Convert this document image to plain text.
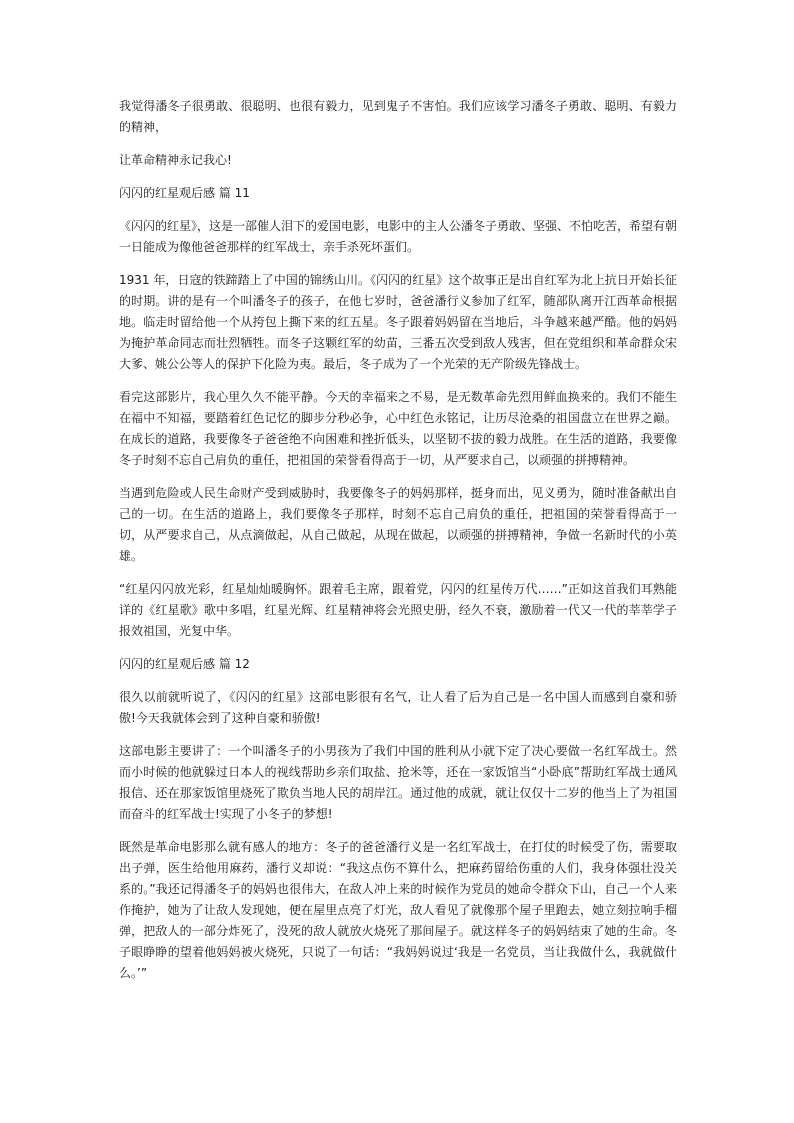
我觉得潘冬子很勇敢、很聪明、也很有毅力，见到鬼子不害怕。我们应该学习潘冬子勇敢、聪明、有毅力的精神，

让革命精神永记我心!

闪闪的红星观后感 篇 11

《闪闪的红星》，这是一部催人泪下的爱国电影，电影中的主人公潘冬子勇敢、坚强、不怕吃苦，希望有朝一日能成为像他爸爸那样的红军战士，亲手杀死坏蛋们。

1931 年，日寇的铁蹄踏上了中国的锦绣山川。《闪闪的红星》这个故事正是出自红军为北上抗日开始长征的时期。讲的是有一个叫潘冬子的孩子，在他七岁时，爸爸潘行义参加了红军，随部队离开江西革命根据地。临走时留给他一个从挎包上撕下来的红五星。冬子跟着妈妈留在当地后，斗争越来越严酷。他的妈妈为掩护革命同志而壮烈牺牲。而冬子这颗红军的幼苗，三番五次受到敌人残害，但在党组织和革命群众宋大爹、姚公公等人的保护下化险为夷。最后，冬子成为了一个光荣的无产阶级先锋战士。

看完这部影片，我心里久久不能平静。今天的幸福来之不易，是无数革命先烈用鲜血换来的。我们不能生在福中不知福，要踏着红色记忆的脚步分秒必争，心中红色永铭记，让历尽沧桑的祖国盘立在世界之巅。在成长的道路，我要像冬子爸爸绝不向困难和挫折低头，以坚韧不拔的毅力战胜。在生活的道路，我要像冬子时刻不忘自己肩负的重任，把祖国的荣誉看得高于一切，从严要求自己，以顽强的拼搏精神。

当遇到危险或人民生命财产受到威胁时，我要像冬子的妈妈那样，挺身而出，见义勇为，随时准备献出自己的一切。在生活的道路上，我们要像冬子那样，时刻不忘自己肩负的重任，把祖国的荣誉看得高于一切，从严要求自己，从点滴做起，从自己做起，从现在做起，以顽强的拼搏精神，争做一名新时代的小英雄。

“红星闪闪放光彩，红星灿灿暖胸怀。跟着毛主席，跟着党，闪闪的红星传万代……”正如这首我们耳熟能详的《红星歌》歌中多唱，红星光辉、红星精神将会光照史册，经久不衰，激励着一代又一代的莘莘学子报效祖国，光复中华。

闪闪的红星观后感 篇 12

很久以前就听说了，《闪闪的红星》这部电影很有名气，让人看了后为自己是一名中国人而感到自豪和骄傲!今天我就体会到了这种自豪和骄傲!

这部电影主要讲了：一个叫潘冬子的小男孩为了我们中国的胜利从小就下定了决心要做一名红军战士。然而小时候的他就躲过日本人的视线帮助乡亲们取盐、抢米等，还在一家饭馆当“小卧底”帮助红军战士通风报信、还在那家饭馆里烧死了欺负当地人民的胡岸江。通过他的成就，就让仅仅十二岁的他当上了为祖国而奋斗的红军战士!实现了小冬子的梦想!

既然是革命电影那么就有感人的地方：冬子的爸爸潘行义是一名红军战士，在打仗的时候受了伤，需要取出子弹，医生给他用麻药，潘行义却说：“我这点伤不算什么，把麻药留给伤重的人们，我身体强壮没关系的。”我还记得潘冬子的妈妈也很伟大，在敌人冲上来的时候作为党员的她命令群众下山，自己一个人来作掩护，她为了让敌人发现她，便在屋里点亮了灯光，敌人看见了就像那个屋子里跑去，她立刻拉响手榴弹，把敌人的一部分炸死了，没死的敌人就放火烧死了那间屋子。就这样冬子的妈妈结束了她的生命。冬子眼睁睁的望着他妈妈被火烧死，只说了一句话：“我妈妈说过‘我是一名党员，当让我做什么，我就做什么。’”
